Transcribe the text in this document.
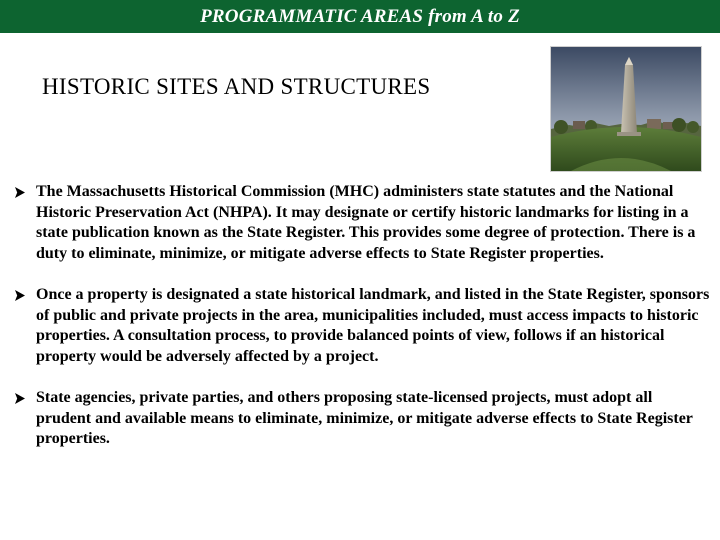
PROGRAMMATIC AREAS from A to Z
HISTORIC SITES AND STRUCTURES
The Massachusetts Historical Commission (MHC) administers state statutes and the National Historic Preservation Act (NHPA). It may designate or certify historic landmarks for listing in a state publication known as the State Register. This provides some degree of protection. There is a duty to eliminate, minimize, or mitigate adverse effects to State Register properties.
Once a property is designated a state historical landmark, and listed in the State Register, sponsors of public and private projects in the area, municipalities included, must access impacts to historic properties. A consultation process, to provide balanced points of view, follows if an historical property would be adversely affected by a project.
State agencies, private parties, and others proposing state-licensed projects, must adopt all prudent and available means to eliminate, minimize, or mitigate adverse effects to State Register properties.
